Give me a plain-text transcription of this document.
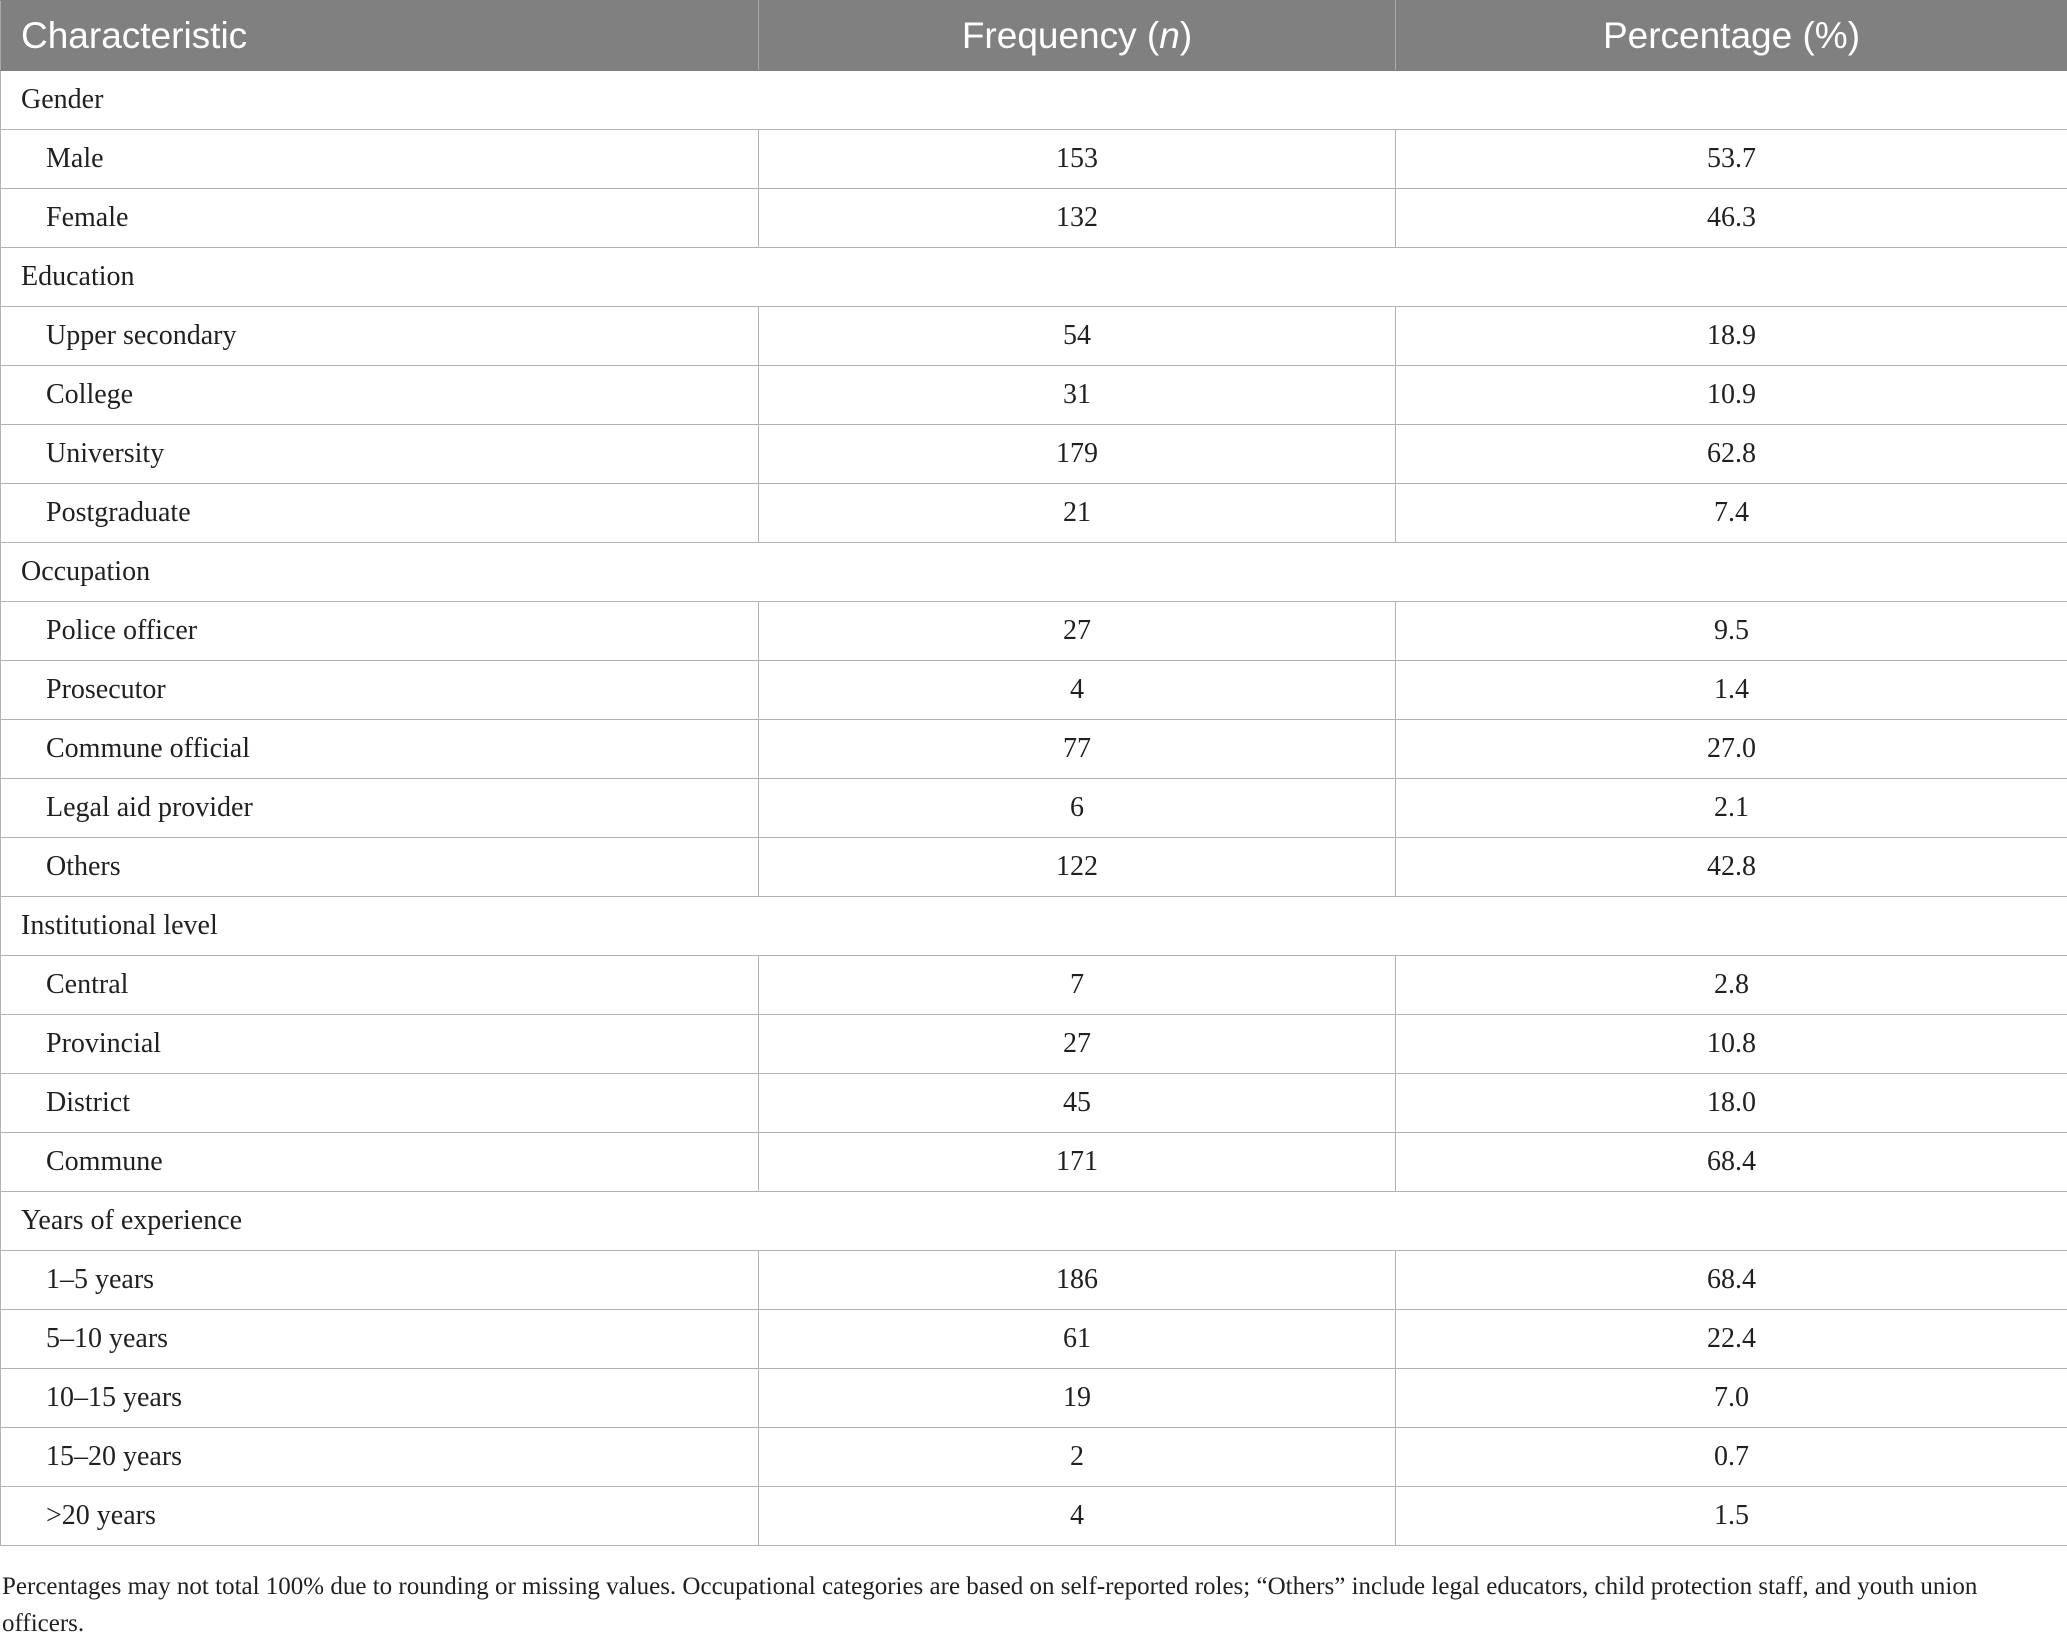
Characteristic	Frequency (n)	Percentage (%)
Gender		
Male	153	53.7
Female	132	46.3
Education		
Upper secondary	54	18.9
College	31	10.9
University	179	62.8
Postgraduate	21	7.4
Occupation		
Police officer	27	9.5
Prosecutor	4	1.4
Commune official	77	27.0
Legal aid provider	6	2.1
Others	122	42.8
Institutional level		
Central	7	2.8
Provincial	27	10.8
District	45	18.0
Commune	171	68.4
Years of experience		
1–5 years	186	68.4
5–10 years	61	22.4
10–15 years	19	7.0
15–20 years	2	0.7
>20 years	4	1.5
Percentages may not total 100% due to rounding or missing values. Occupational categories are based on self-reported roles; “Others” include legal educators, child protection staff, and youth union officers.
